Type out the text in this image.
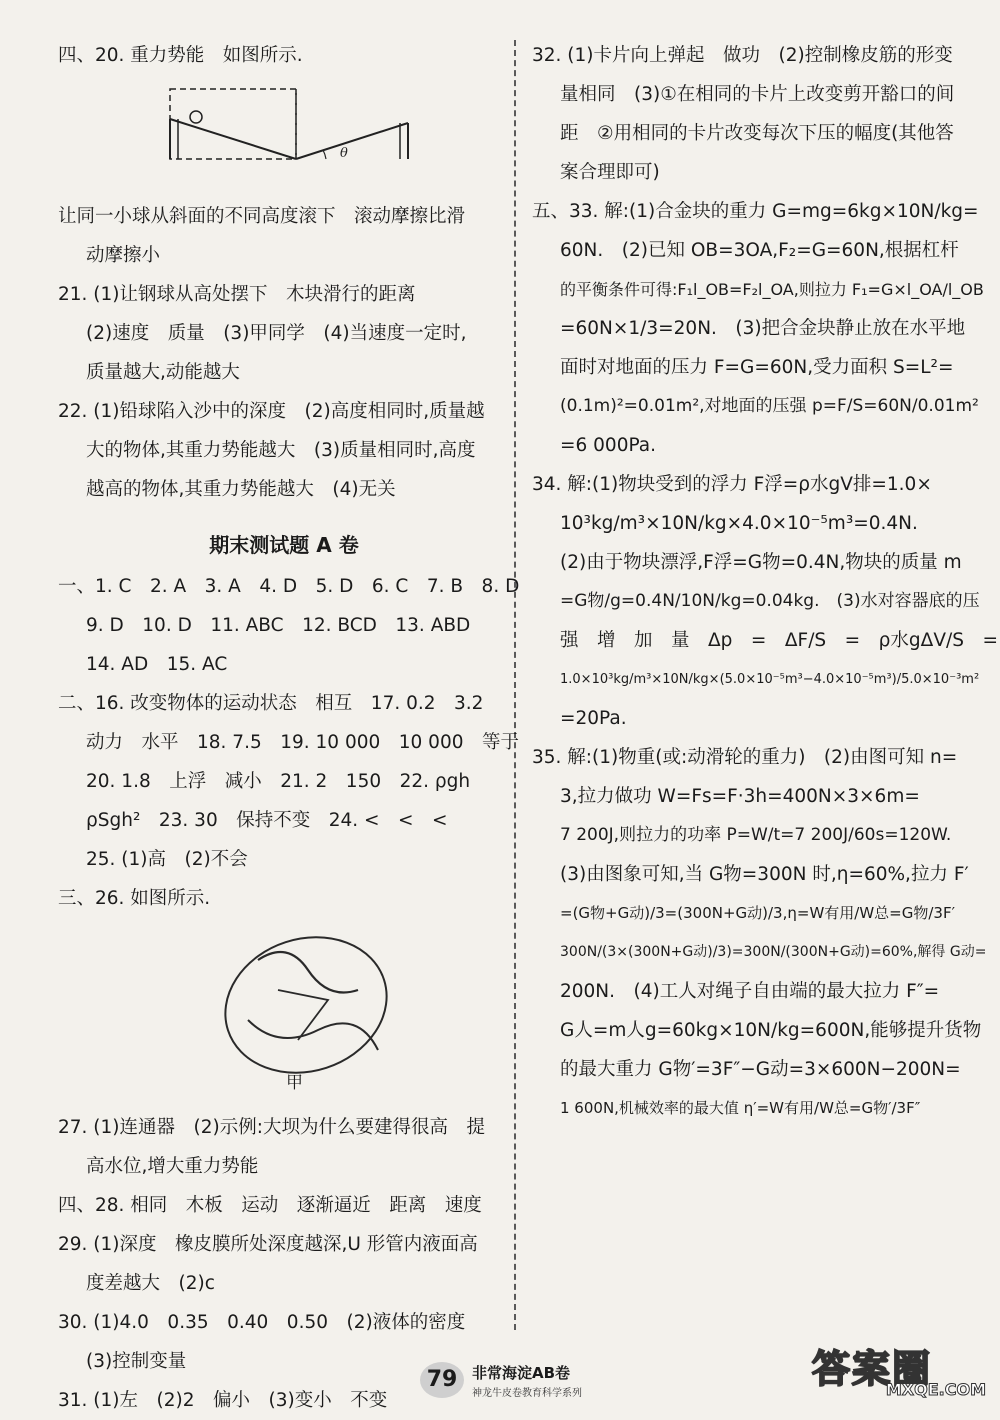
四、20. 重力势能　如图所示.
θ
让同一小球从斜面的不同高度滚下　滚动摩擦比滑
动摩擦小
21. (1)让钢球从高处摆下　木块滑行的距离
(2)速度　质量　(3)甲同学　(4)当速度一定时,
质量越大,动能越大
22. (1)铅球陷入沙中的深度　(2)高度相同时,质量越
大的物体,其重力势能越大　(3)质量相同时,高度
越高的物体,其重力势能越大　(4)无关
期末测试题 A 卷
一、1. C　2. A　3. A　4. D　5. D　6. C　7. B　8. D
9. D　10. D　11. ABC　12. BCD　13. ABD
14. AD　15. AC
二、16. 改变物体的运动状态　相互　17. 0.2　3.2
动力　水平　18. 7.5　19. 10 000　10 000　等于
20. 1.8　上浮　减小　21. 2　150　22. ρgh
ρSgh²　23. 30　保持不变　24. <　<　<
25. (1)高　(2)不会
三、26. 如图所示.
甲
27. (1)连通器　(2)示例:大坝为什么要建得很高　提
高水位,增大重力势能
四、28. 相同　木板　运动　逐渐逼近　距离　速度
29. (1)深度　橡皮膜所处深度越深,U 形管内液面高
度差越大　(2)c
30. (1)4.0　0.35　0.40　0.50　(2)液体的密度
(3)控制变量
31. (1)左　(2)2　偏小　(3)变小　不变
32. (1)卡片向上弹起　做功　(2)控制橡皮筋的形变
量相同　(3)①在相同的卡片上改变剪开豁口的间
距　②用相同的卡片改变每次下压的幅度(其他答
案合理即可)
五、33. 解:(1)合金块的重力 G=mg=6kg×10N/kg=
60N.　(2)已知 OB=3OA,F₂=G=60N,根据杠杆
的平衡条件可得:F₁l_OB=F₂l_OA,则拉力 F₁=G×l_OA/l_OB
=60N×1/3=20N.　(3)把合金块静止放在水平地
面时对地面的压力 F=G=60N,受力面积 S=L²=
(0.1m)²=0.01m²,对地面的压强 p=F/S=60N/0.01m²
=6 000Pa.
34. 解:(1)物块受到的浮力 F浮=ρ水gV排=1.0×
10³kg/m³×10N/kg×4.0×10⁻⁵m³=0.4N.
(2)由于物块漂浮,F浮=G物=0.4N,物块的质量 m
=G物/g=0.4N/10N/kg=0.04kg.　(3)水对容器底的压
强　增　加　量　Δp　=　ΔF/S　=　ρ水gΔV/S　=
1.0×10³kg/m³×10N/kg×(5.0×10⁻⁵m³−4.0×10⁻⁵m³)/5.0×10⁻³m²
=20Pa.
35. 解:(1)物重(或:动滑轮的重力)　(2)由图可知 n=
3,拉力做功 W=Fs=F·3h=400N×3×6m=
7 200J,则拉力的功率 P=W/t=7 200J/60s=120W.
(3)由图象可知,当 G物=300N 时,η=60%,拉力 F′
=(G物+G动)/3=(300N+G动)/3,η=W有用/W总=G物/3F′
300N/(3×(300N+G动)/3)=300N/(300N+G动)=60%,解得 G动=
200N.　(4)工人对绳子自由端的最大拉力 F″=
G人=m人g=60kg×10N/kg=600N,能够提升货物
的最大重力 G物′=3F″−G动=3×600N−200N=
1 600N,机械效率的最大值 η′=W有用/W总=G物′/3F″
79 非常海淀AB卷
神龙牛皮卷教育科学系列
答案圈
MXQE.COM
